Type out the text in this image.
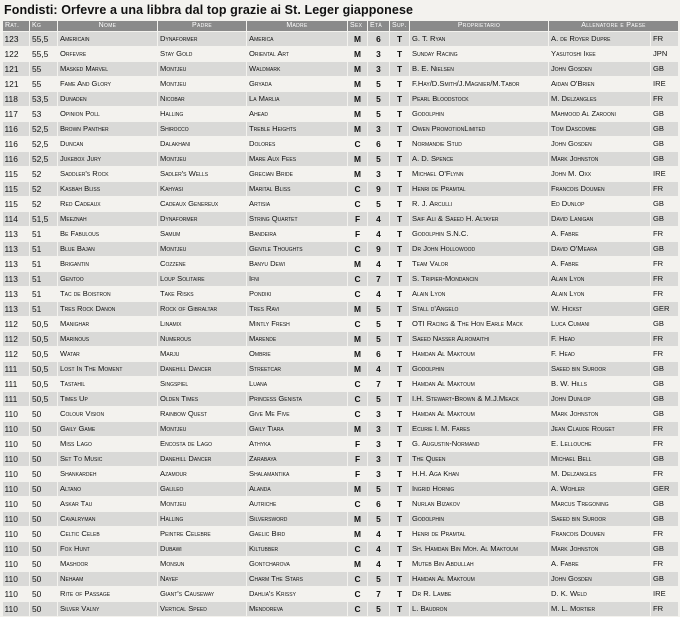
Fondisti: Orfevre a una libbra dal top grazie ai St. Leger giapponese
Rat.	Kg	Nome	Padre	Madre	Sex	Età	Sup.	Proprietario	Allenatore e Paese	
123	55,5	Americain	Dynaformer	America	M	6	T	G. T. Ryan	A. de Royer Dupre	FR
122	55,5	Orfevre	Stay Gold	Oriental Art	M	3	T	Sunday Racing	Yasutoshi Ikee	JPN
121	55	Masked Marvel	Montjeu	Waldmark	M	3	T	B. E. Nielsen	John Gosden	GB
121	55	Fame And Glory	Montjeu	Gryada	M	5	T	F.Hay/D.Smith/J.Magnier/M.Tabor	Aidan O'Brien	IRE
118	53,5	Dunaden	Nicobar	La Marlia	M	5	T	Pearl Bloodstock	M. Delzangles	FR
117	53	Opinion Poll	Halling	Ahead	M	5	T	Godolphin	Mahmood Al Zarooni	GB
116	52,5	Brown Panther	Shirocco	Treble Heights	M	3	T	Owen PromotionLimited	Tom Dascombe	GB
116	52,5	Duncan	Dalakhani	Dolores	C	6	T	Normandie Stud	John Gosden	GB
116	52,5	Jukebox Jury	Montjeu	Mare Aux Fees	M	5	T	A. D. Spence	Mark Johnston	GB
115	52	Saddler's Rock	Sadler's Wells	Grecian Bride	M	3	T	Michael O'Flynn	John M. Oxx	IRE
115	52	Kasbah Bliss	Kahyasi	Marital Bliss	C	9	T	Henri de Pramtal	Francois Doumen	FR
115	52	Red Cadeaux	Cadeaux Genereux	Artisia	C	5	T	R. J. Arculli	Ed Dunlop	GB
114	51,5	Meeznah	Dynaformer	String Quartet	F	4	T	Saif Ali & Saeed H. Altayer	David Lanigan	GB
113	51	Be Fabulous	Samum	Bandeira	F	4	T	Godolphin S.N.C.	A. Fabre	FR
113	51	Blue Bajan	Montjeu	Gentle Thoughts	C	9	T	Dr John Hollowood	David O'Meara	GB
113	51	Brigantin	Cozzene	Banyu Dewi	M	4	T	Team Valor	A. Fabre	FR
113	51	Gentoo	Loup Solitaire	Ifni	C	7	T	S. Tripier-Mondancin	Alain Lyon	FR
113	51	Tac de Boistron	Take Risks	Pondiki	C	4	T	Alain Lyon	Alain Lyon	FR
113	51	Tres Rock Danon	Rock of Gibraltar	Tres Ravi	M	5	T	Stall d'Angelo	W. Hickst	GER
112	50,5	Manighar	Linamix	Mintly Fresh	C	5	T	OTI Racing & The Hon Earle Mack	Luca Cumani	GB
112	50,5	Marinous	Numerous	Marende	M	5	T	Saeed Nasser Alromaithi	F. Head	FR
112	50,5	Watar	Marju	Ombrie	M	6	T	Hamdan Al Maktoum	F. Head	FR
111	50,5	Lost In The Moment	Danehill Dancer	Streetcar	M	4	T	Godolphin	Saeed bin Suroor	GB
111	50,5	Tastahil	Singspiel	Luana	C	7	T	Hamdan Al Maktoum	B. W. Hills	GB
111	50,5	Times Up	Olden Times	Princess Genista	C	5	T	I.H. Stewart-Brown & M.J.Meack	John Dunlop	GB
110	50	Colour Vision	Rainbow Quest	Give Me Five	C	3	T	Hamdan Al Maktoum	Mark Johnston	GB
110	50	Gaily Game	Montjeu	Gaily Tiara	M	3	T	Ecurie I. M. Fares	Jean Claude Rouget	FR
110	50	Miss Lago	Encosta de Lago	Athyka	F	3	T	G. Augustin-Normand	E. Lellouche	FR
110	50	Set To Music	Danehill Dancer	Zarabaya	F	3	T	The Queen	Michael Bell	GB
110	50	Shankardeh	Azamour	Shalamantika	F	3	T	H.H. Aga Khan	M. Delzangles	FR
110	50	Altano	Galileo	Alanda	M	5	T	Ingrid Hornig	A. Wohler	GER
110	50	Askar Tau	Montjeu	Autriche	C	6	T	Nurlan Bizakov	Marcus Tregoning	GB
110	50	Cavalryman	Halling	Silversword	M	5	T	Godolphin	Saeed bin Suroor	GB
110	50	Celtic Celeb	Peintre Celebre	Gaelic Bird	M	4	T	Henri de Pramtal	Francois Doumen	FR
110	50	Fox Hunt	Dubawi	Kiltubber	C	4	T	Sh. Hamdan Bin Moh. Al Maktoum	Mark Johnston	GB
110	50	Mashoor	Monsun	Gontcharova	M	4	T	Muteb Bin Abdullah	A. Fabre	FR
110	50	Nehaam	Nayef	Charm The Stars	C	5	T	Hamdan Al Maktoum	John Gosden	GB
110	50	Rite of Passage	Giant's Causeway	Dahlia's Krissy	C	7	T	Dr R. Lambe	D. K. Weld	IRE
110	50	Silver Valny	Vertical Speed	Mendoreva	C	5	T	L. Baudron	M. L. Mortier	FR
